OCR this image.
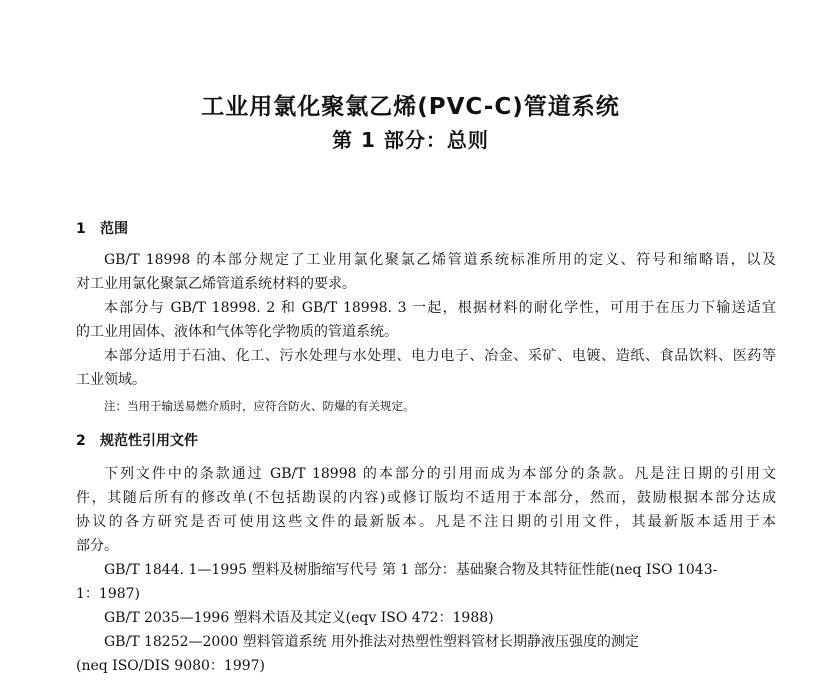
工业用氯化聚氯乙烯(PVC-C)管道系统
第 1 部分：总则
1 范围
GB/T 18998 的本部分规定了工业用氯化聚氯乙烯管道系统标准所用的定义、符号和缩略语，以及
对工业用氯化聚氯乙烯管道系统材料的要求。
本部分与 GB/T 18998. 2 和 GB/T 18998. 3 一起，根据材料的耐化学性，可用于在压力下输送适宜
的工业用固体、液体和气体等化学物质的管道系统。
本部分适用于石油、化工、污水处理与水处理、电力电子、冶金、采矿、电镀、造纸、食品饮料、医药等
工业领域。
注：当用于输送易燃介质时，应符合防火、防爆的有关规定。
2 规范性引用文件
下列文件中的条款通过 GB/T 18998 的本部分的引用而成为本部分的条款。凡是注日期的引用文
件，其随后所有的修改单(不包括勘误的内容)或修订版均不适用于本部分，然而，鼓励根据本部分达成
协议的各方研究是否可使用这些文件的最新版本。凡是不注日期的引用文件，其最新版本适用于本
部分。
GB/T 1844. 1—1995 塑料及树脂缩写代号 第 1 部分：基础聚合物及其特征性能(neq ISO 1043-
1：1987)
GB/T 2035—1996 塑料术语及其定义(eqv ISO 472：1988)
GB/T 18252—2000 塑料管道系统 用外推法对热塑性塑料管材长期静液压强度的测定
(neq ISO/DIS 9080：1997)
